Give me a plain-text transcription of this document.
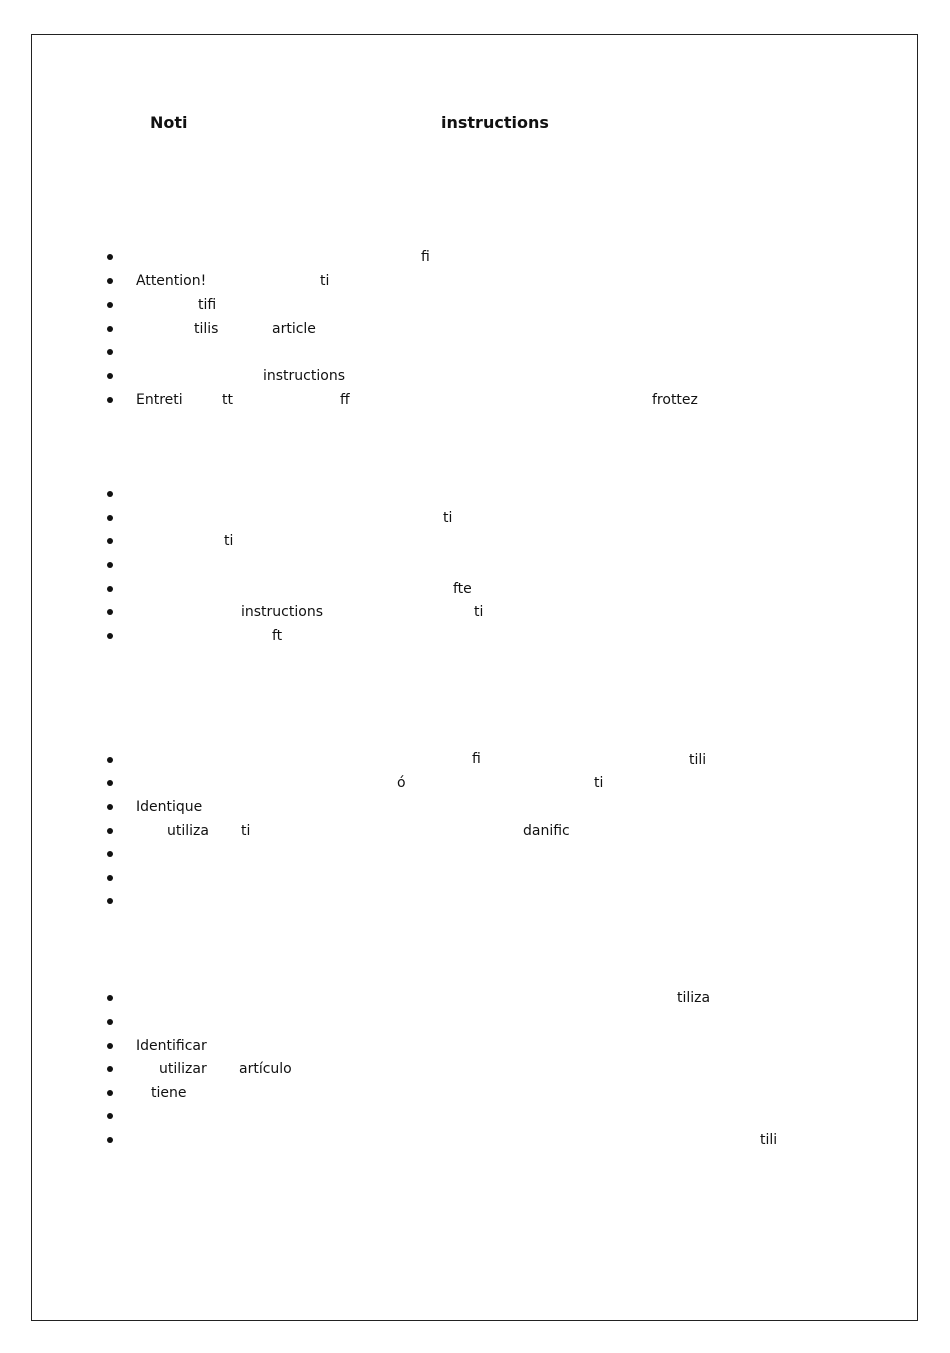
Noti	instructions
fi
Attention!	ti
tifi
tilis	article
instructions
Entreti	tt	ff	frottez
ti
ti
fte
instructions	ti
ft
fi	tili
ó	ti
Identique
utiliza ti	danific
tiliza
Identificar
utilizar artículo
tiene
tili
